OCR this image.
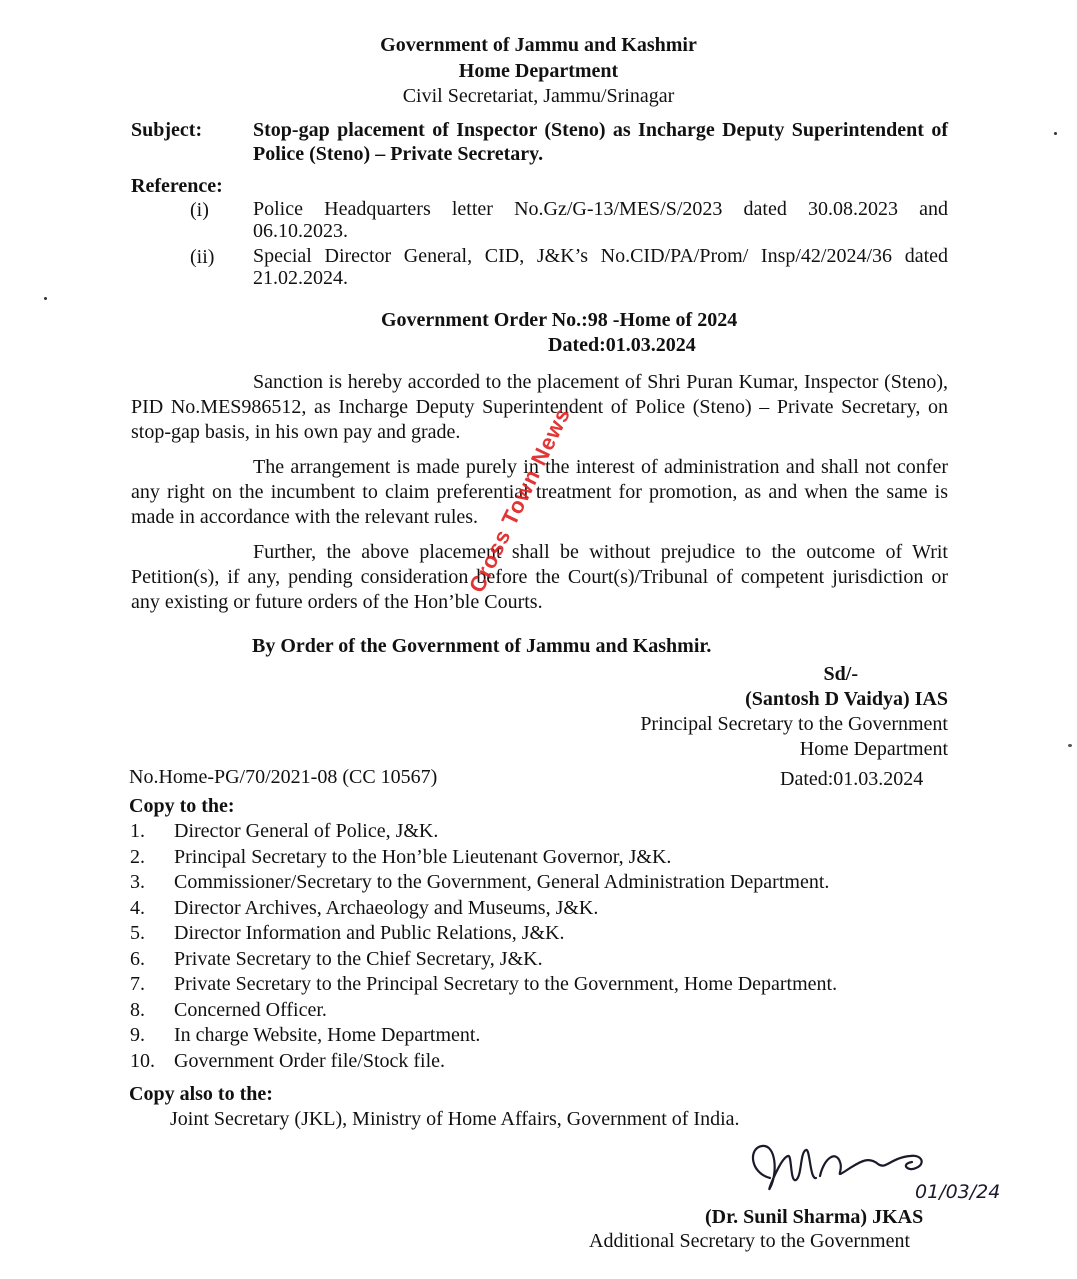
Government of Jammu and Kashmir
Home Department
Civil Secretariat, Jammu/Srinagar
Subject:	Stop-gap placement of Inspector (Steno) as Incharge Deputy Superintendent of Police (Steno) – Private Secretary.
Reference:
(i) Police Headquarters letter No.Gz/G-13/MES/S/2023 dated 30.08.2023 and 06.10.2023.
(ii) Special Director General, CID, J&K’s No.CID/PA/Prom/ Insp/42/2024/36 dated 21.02.2024.
Government Order No.:98 -Home of 2024
Dated:01.03.2024
Sanction is hereby accorded to the placement of Shri Puran Kumar, Inspector (Steno), PID No.MES986512, as Incharge Deputy Superintendent of Police (Steno) – Private Secretary, on stop-gap basis, in his own pay and grade.
The arrangement is made purely in the interest of administration and shall not confer any right on the incumbent to claim preferential treatment for promotion, as and when the same is made in accordance with the relevant rules.
Further, the above placement shall be without prejudice to the outcome of Writ Petition(s), if any, pending consideration before the Court(s)/Tribunal of competent jurisdiction or any existing or future orders of the Hon’ble Courts.
Cross Town News
By Order of the Government of Jammu and Kashmir.
Sd/-
(Santosh D Vaidya) IAS
Principal Secretary to the Government
Home Department
No.Home-PG/70/2021-08 (CC 10567)	Dated:01.03.2024
Copy to the:
1.	Director General of Police, J&K.
2.	Principal Secretary to the Hon’ble Lieutenant Governor, J&K.
3.	Commissioner/Secretary to the Government, General Administration Department.
4.	Director Archives, Archaeology and Museums, J&K.
5.	Director Information and Public Relations, J&K.
6.	Private Secretary to the Chief Secretary, J&K.
7.	Private Secretary to the Principal Secretary to the Government, Home Department.
8.	Concerned Officer.
9.	In charge Website, Home Department.
10. Government Order file/Stock file.
Copy also to the:
Joint Secretary (JKL), Ministry of Home Affairs, Government of India.
01/03/24
(Dr. Sunil Sharma) JKAS
Additional Secretary to the Government
